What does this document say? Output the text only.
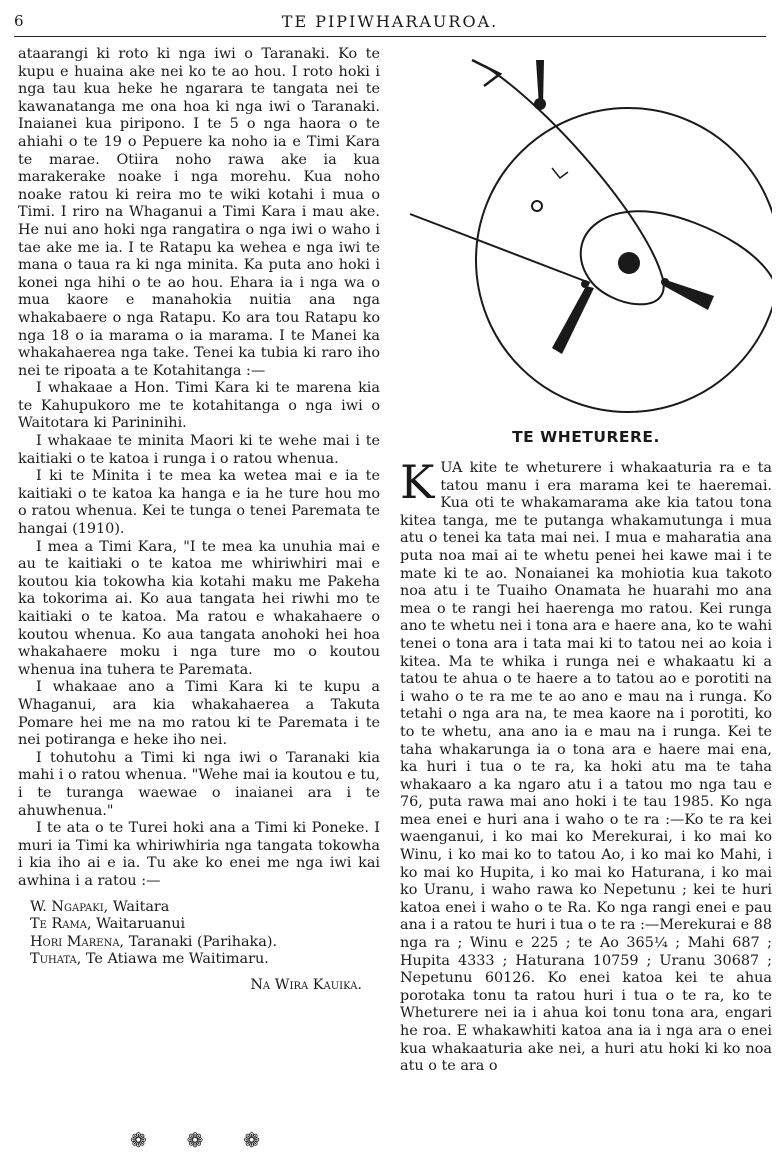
6	TE PIPIWHARAUROA.

ataarangi ki roto ki nga iwi o Taranaki. Ko te kupu e huaina ake nei ko te ao hou. I roto hoki i nga tau kua heke he ngarara te tangata nei te kawanatanga me ona hoa ki nga iwi o Taranaki. Inaianei kua piripono. I te 5 o nga haora o te ahiahi o te 19 o Pepuere ka noho ia e Timi Kara te marae. Otiira noho rawa ake ia kua marakerake noake i nga morehu. Kua noho noake ratou ki reira mo te wiki kotahi i mua o Timi. I riro na Whaganui a Timi Kara i mau ake. He nui ano hoki nga rangatira o nga iwi o waho i tae ake me ia. I te Ratapu ka wehea e nga iwi te mana o taua ra ki nga minita. Ka puta ano hoki i konei nga hihi o te ao hou. Ehara ia i nga wa o mua kaore e manahokia nuitia ana nga whakabaere o nga Ratapu. Ko ara tou Ratapu ko nga 18 o ia marama o ia marama. I te Manei ka whakahaerea nga take. Tenei ka tubia ki raro iho nei te ripoata a te Kotahitanga :—

I whakaae a Hon. Timi Kara ki te marena kia te Kahupukoro me te kotahitanga o nga iwi o Waitotara ki Parininihi.

I whakaae te minita Maori ki te wehe mai i te kaitiaki o te katoa i runga i o ratou whenua.

I ki te Minita i te mea ka wetea mai e ia te kaitiaki o te katoa ka hanga e ia he ture hou mo o ratou whenua. Kei te tunga o tenei Paremata te hangai (1910).

I mea a Timi Kara, "I te mea ka unuhia mai e au te kaitiaki o te katoa me whiriwhiri mai e koutou kia tokowha kia kotahi maku me Pakeha ka tokorima ai. Ko aua tangata hei riwhi mo te kaitiaki o te katoa. Ma ratou e whakahaere o koutou whenua. Ko aua tangata anohoki hei hoa whakahaere moku i nga ture mo o koutou whenua ina tuhera te Paremata.

I whakaae ano a Timi Kara ki te kupu a Whaganui, ara kia whakahaerea a Takuta Pomare hei me na mo ratou ki te Paremata i te nei potiranga e heke iho nei.

I tohutohu a Timi ki nga iwi o Taranaki kia mahi i o ratou whenua. "Wehe mai ia koutou e tu, i te turanga waewae o inaianei ara i te ahuwhenua."

I te ata o te Turei hoki ana a Timi ki Poneke. I muri ia Timi ka whiriwhiria nga tangata tokowha i kia iho ai e ia. Tu ake ko enei me nga iwi kai awhina i a ratou :—

W. Ngapaki, Waitara
Te Rama, Waitaruanui
Hori Marena, Taranaki (Parihaka).
Tuhata, Te Atiawa me Waitimaru.
Na Wira Kauika.
❁ ❁ ❁
TE WHETURERE.

KUA kite te wheturere i whakaaturia ra e ta tatou manu i era marama kei te haeremai. Kua oti te whakamarama ake kia tatou tona kitea tanga, me te putanga whakamutunga i mua atu o tenei ka tata mai nei. I mua e maharatia ana puta noa mai ai te whetu penei hei kawe mai i te mate ki te ao. Nonaianei ka mohiotia kua takoto noa atu i te Tuaiho Onamata he huarahi mo ana mea o te rangi hei haerenga mo ratou. Kei runga ano te whetu nei i tona ara e haere ana, ko te wahi tenei o tona ara i tata mai ki to tatou nei ao koia i kitea. Ma te whika i runga nei e whakaatu ki a tatou te ahua o te haere a to tatou ao e porotiti na i waho o te ra me te ao ano e mau na i runga. Ko tetahi o nga ara na, te mea kaore na i porotiti, ko to te whetu, ana ano ia e mau na i runga. Kei te taha whakarunga ia o tona ara e haere mai ena, ka huri i tua o te ra, ka hoki atu ma te taha whakaaro a ka ngaro atu i a tatou mo nga tau e 76, puta rawa mai ano hoki i te tau 1985. Ko nga mea enei e huri ana i waho o te ra :—Ko te ra kei waenganui, i ko mai ko Merekurai, i ko mai ko Winu, i ko mai ko to tatou Ao, i ko mai ko Mahi, i ko mai ko Hupita, i ko mai ko Haturana, i ko mai ko Uranu, i waho rawa ko Nepetunu ; kei te huri katoa enei i waho o te Ra. Ko nga rangi enei e pau ana i a ratou te huri i tua o te ra :—Merekurai e 88 nga ra ; Winu e 225 ; te Ao 365¼ ; Mahi 687 ; Hupita 4333 ; Haturana 10759 ; Uranu 30687 ; Nepetunu 60126. Ko enei katoa kei te ahua porotaka tonu ta ratou huri i tua o te ra, ko te Wheturere nei ia i ahua koi tonu tona ara, engari he roa. E whakawhiti katoa ana ia i nga ara o enei kua whakaaturia ake nei, a huri atu hoki ki ko noa atu o te ara o
